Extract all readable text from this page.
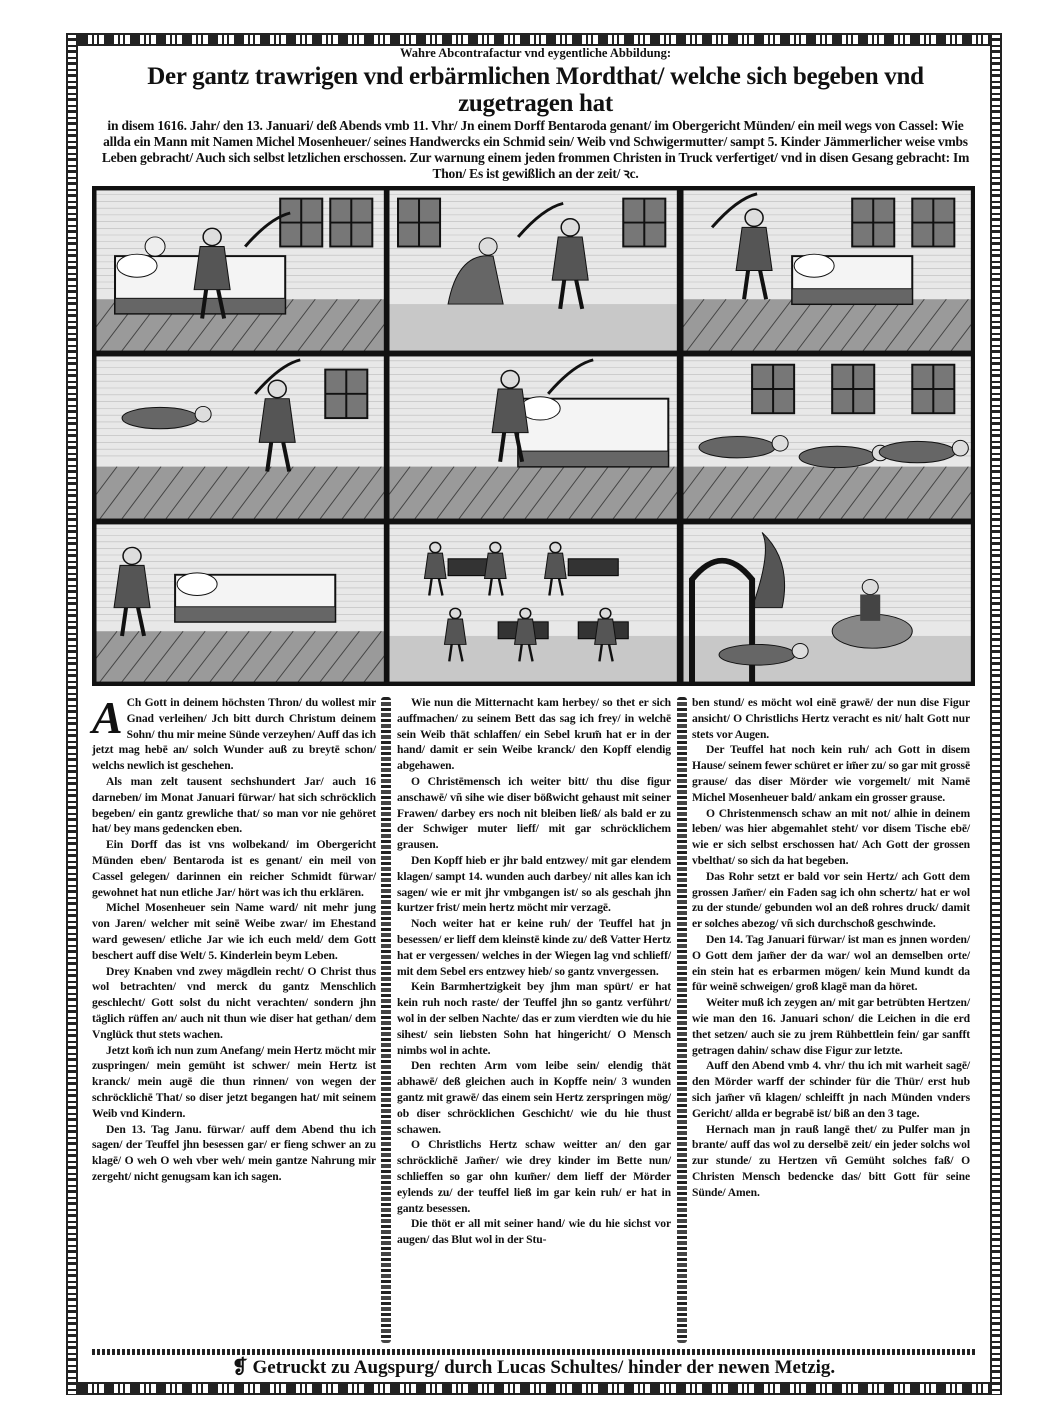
Wahre Abcontrafactur vnd eygentliche Abbildung:
Der gantz trawrigen vnd erbärmlichen Mordthat/ welche sich begeben vnd zugetragen hat
in disem 1616. Jahr/ den 13. Januari/ deß Abends vmb 11. Vhr/ Jn einem Dorff Bentaroda genant/ im Obergericht Münden/ ein meil wegs von Cassel: Wie allda ein Mann mit Namen Michel Mosenheuer/ seines Handwercks ein Schmid sein/ Weib vnd Schwigermutter/ sampt 5. Kinder Jämmerlicher weise vmbs Leben gebracht/ Auch sich selbst letzlichen erschossen. Zur warnung einem jeden frommen Christen in Truck verfertiget/ vnd in disen Gesang gebracht: Im Thon/ Es ist gewißlich an der zeit/ ꝛc.

A Ch Gott in deinem höchsten Thron/ du wollest mir Gnad verleihen/ Jch bitt durch Christum deinem Sohn/ thu mir meine Sünde verzeyhen/ Auff das ich jetzt mag hebē an/ solch Wunder auß zu breytē schon/ welchs newlich ist geschehen.

Als man zelt tausent sechshundert Jar/ auch 16 darneben/ im Monat Januari fürwar/ hat sich schröcklich begeben/ ein gantz grewliche that/ so man vor nie gehöret hat/ bey mans gedencken eben.

Ein Dorff das ist vns wolbekand/ im Obergericht Münden eben/ Bentaroda ist es genant/ ein meil von Cassel gelegen/ darinnen ein reicher Schmidt fürwar/ gewohnet hat nun etliche Jar/ hört was ich thu erklären.

Michel Mosenheuer sein Name ward/ nit mehr jung von Jaren/ welcher mit seinē Weibe zwar/ im Ehestand ward gewesen/ etliche Jar wie ich euch meld/ dem Gott beschert auff dise Welt/ 5. Kinderlein beym Leben.

Drey Knaben vnd zwey mägdlein recht/ O Christ thus wol betrachten/ vnd merck du gantz Menschlich geschlecht/ Gott solst du nicht verachten/ sondern jhn täglich rüffen an/ auch nit thun wie diser hat gethan/ dem Vnglück thut stets wachen.

Jetzt kom̃ ich nun zum Anefang/ mein Hertz möcht mir zuspringen/ mein gemüht ist schwer/ mein Hertz ist kranck/ mein augē die thun rinnen/ von wegen der schröcklichē That/ so diser jetzt begangen hat/ mit seinem Weib vnd Kindern.

Den 13. Tag Janu. fürwar/ auff dem Abend thu ich sagen/ der Teuffel jhn besessen gar/ er fieng schwer an zu klagē/ O weh O weh vber weh/ mein gantze Nahrung mir zergeht/ nicht genugsam kan ich sagen.

Wie nun die Mitternacht kam herbey/ so thet er sich auffmachen/ zu seinem Bett das sag ich frey/ in welchē sein Weib thät schlaffen/ ein Sebel krum̃ hat er in der hand/ damit er sein Weibe kranck/ den Kopff elendig abgehawen.

O Christēmensch ich weiter bitt/ thu dise figur anschawē/ vñ sihe wie diser bößwicht gehaust mit seiner Frawen/ darbey ers noch nit bleiben ließ/ als bald er zu der Schwiger muter lieff/ mit gar schröcklichem grausen.

Den Kopff hieb er jhr bald entzwey/ mit gar elendem klagen/ sampt 14. wunden auch darbey/ nit alles kan ich sagen/ wie er mit jhr vmbgangen ist/ so als geschah jhn kurtzer frist/ mein hertz möcht mir verzagē.

Noch weiter hat er keine ruh/ der Teuffel hat jn besessen/ er lieff dem kleinstē kinde zu/ deß Vatter Hertz hat er vergessen/ welches in der Wiegen lag vnd schlieff/ mit dem Sebel ers entzwey hieb/ so gantz vnvergessen.

Kein Barmhertzigkeit bey jhm man spürt/ er hat kein ruh noch raste/ der Teuffel jhn so gantz verführt/ wol in der selben Nachte/ das er zum vierdten wie du hie sihest/ sein liebsten Sohn hat hingericht/ O Mensch nimbs wol in achte.

Den rechten Arm vom leibe sein/ elendig thät abhawē/ deß gleichen auch in Kopffe nein/ 3 wunden gantz mit grawē/ das einem sein Hertz zerspringen mög/ ob diser schröcklichen Geschicht/ wie du hie thust schawen.

O Christlichs Hertz schaw weitter an/ den gar schröcklichē Jam̃er/ wie drey kinder im Bette nun/ schlieffen so gar ohn kum̃er/ dem lieff der Mörder eylends zu/ der teuffel ließ im gar kein ruh/ er hat in gantz besessen.

Die thöt er all mit seiner hand/ wie du hie sichst vor augen/ das Blut wol in der Stu-

ben stund/ es möcht wol einē grawē/ der nun dise Figur ansicht/ O Christlichs Hertz veracht es nit/ halt Gott nur stets vor Augen.

Der Teuffel hat noch kein ruh/ ach Gott in disem Hause/ seinem fewer schüret er im̃er zu/ so gar mit grossē grause/ das diser Mörder wie vorgemelt/ mit Namē Michel Mosenheuer bald/ ankam ein grosser grause.

O Christenmensch schaw an mit not/ alhie in deinem leben/ was hier abgemahlet steht/ vor disem Tische ebē/ wie er sich selbst erschossen hat/ Ach Gott der grossen vbelthat/ so sich da hat begeben.

Das Rohr setzt er bald vor sein Hertz/ ach Gott dem grossen Jam̃er/ ein Faden sag ich ohn schertz/ hat er wol zu der stunde/ gebunden wol an deß rohres druck/ damit er solches abezog/ vñ sich durchschoß geschwinde.

Den 14. Tag Januari fürwar/ ist man es jnnen worden/ O Gott dem jam̃er der da war/ wol an demselben orte/ ein stein hat es erbarmen mögen/ kein Mund kundt da für weinē schweigen/ groß klagē man da höret.

Weiter muß ich zeygen an/ mit gar betrübten Hertzen/ wie man den 16. Januari schon/ die Leichen in die erd thet setzen/ auch sie zu jrem Rühbettlein fein/ gar sanfft getragen dahin/ schaw dise Figur zur letzte.

Auff den Abend vmb 4. vhr/ thu ich mit warheit sagē/ den Mörder warff der schinder für die Thür/ erst hub sich jam̃er vñ klagen/ schleifft jn nach Münden vnders Gericht/ allda er begrabē ist/ biß an den 3 tage.

Hernach man jn rauß langē thet/ zu Pulfer man jn brante/ auff das wol zu derselbē zeit/ ein jeder solchs wol zur stunde/ zu Hertzen vñ Gemüht solches faß/ O Christen Mensch bedencke das/ bitt Gott für seine Sünde/ Amen.

❡ Getruckt zu Augspurg/ durch Lucas Schultes/ hinder der newen Metzig.
